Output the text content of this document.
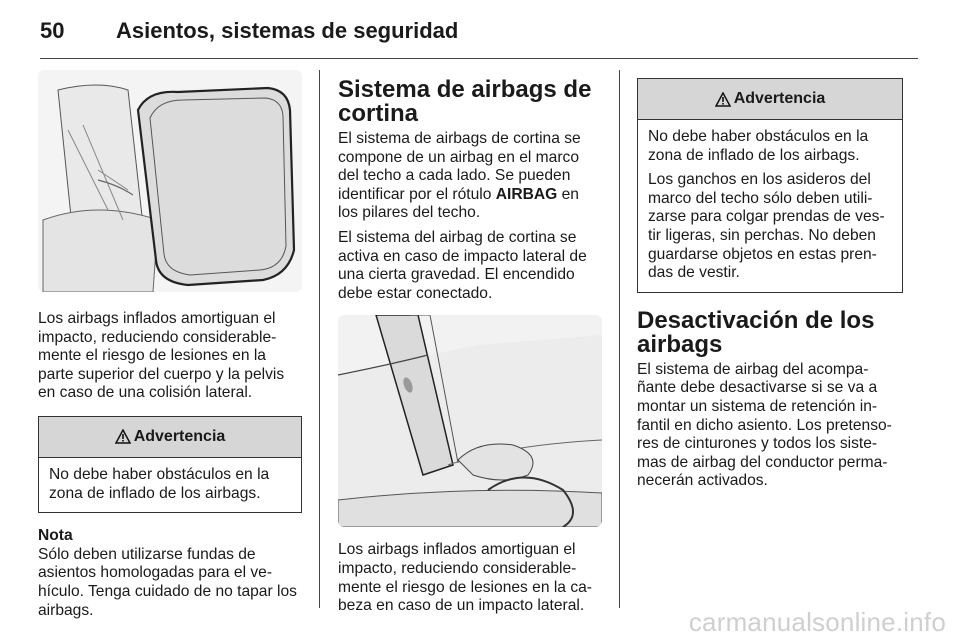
50 Asientos, sistemas de seguridad

Los airbags inflados amortiguan el impacto, reduciendo considerable-mente el riesgo de lesiones en la parte superior del cuerpo y la pelvis en caso de una colisión lateral.

Advertencia

No debe haber obstáculos en la zona de inflado de los airbags.

Nota

Sólo deben utilizarse fundas de asientos homologadas para el ve-hículo. Tenga cuidado de no tapar los airbags.

Sistema de airbags de cortina

El sistema de airbags de cortina se compone de un airbag en el marco del techo a cada lado. Se pueden identificar por el rótulo AIRBAG en los pilares del techo.

El sistema del airbag de cortina se activa en caso de impacto lateral de una cierta gravedad. El encendido debe estar conectado.

Los airbags inflados amortiguan el impacto, reduciendo considerable-mente el riesgo de lesiones en la ca-beza en caso de un impacto lateral.

Advertencia

No debe haber obstáculos en la zona de inflado de los airbags.

Los ganchos en los asideros del marco del techo sólo deben utili-zarse para colgar prendas de ves-tir ligeras, sin perchas. No deben guardarse objetos en estas pren-das de vestir.

Desactivación de los airbags

El sistema de airbag del acompa-ñante debe desactivarse si se va a montar un sistema de retención in-fantil en dicho asiento. Los pretenso-res de cinturones y todos los siste-mas de airbag del conductor perma-necerán activados.

carmanualsonline.info
